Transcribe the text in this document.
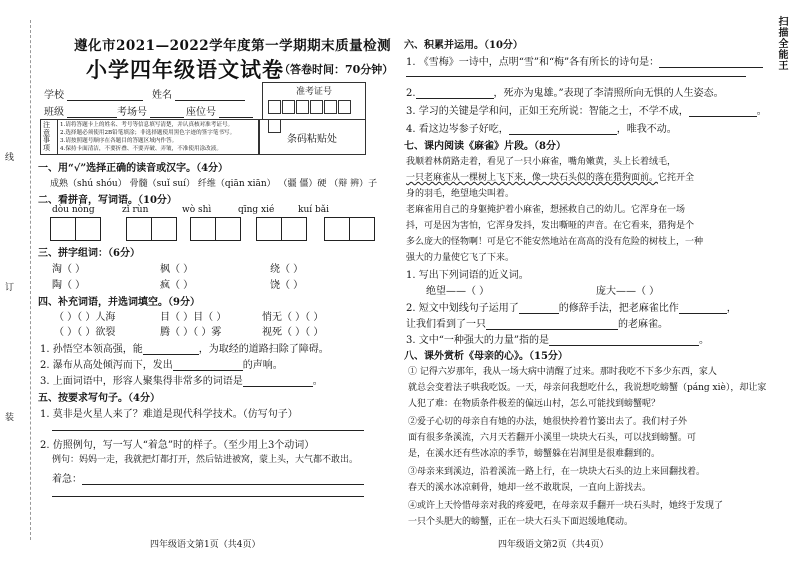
线
订
装
遵化市2021—2022学年度第一学期期末质量检测
小学四年级语文试卷
（答卷时间：70分钟）
学校	姓名
班级	考场号	座位号
准考证号
注意事项
1.请将答题卡上的姓名、考号等信息填写清楚，并认真核对准考证号。
2.选择题必须使用2B铅笔填涂；非选择题使用黑色字迹的签字笔书写。
3.请按照题号顺序在各题目的答题区域内作答。
4.保持卡面清洁，不要折叠、不要弄破、弄皱，不准使用涂改液。
条码粘贴处
一、用“√”选择正确的读音或汉字。（4分）
成熟（shú shóu） 骨髓（suǐ suí） 纤维（qiān xiān） （疆 僵）硬 （辩 辨）子
二、看拼音，写词语。（10分）
dòu nòng	zǐ rùn	wò shì	qīng xié	kuí bǎi

三、拼字组词：（6分）
淘（ ）	枫（ ）	绕（ ）
陶（ ）	疯（ ）	饶（ ）
四、补充词语，并选词填空。（9分）
（ ）（ ）人海	目（ ）目（ ）	悄无（ ）（ ）
（ ）（ ）欲裂	腾（ ）（ ）雾	视死（ ）（ ）
1. 孙悟空本领高强，能	，为取经的道路扫除了障碍。
2. 瀑布从高处倾泻而下，发出	的声响。
3. 上面词语中，形容人聚集得非常多的词语是	。
五、按要求写句子。（4分）
1. 莫非是火星人来了？难道是现代科学技术。（仿写句子）
2. 仿照例句，写一写人“着急”时的样子。（至少用上3个动词）
例句：妈妈一走，我就把灯都打开，然后钻进被窝，蒙上头，大气都不敢出。
着急：
四年级语文第1页（共4页）
六、积累并运用。（10分）
1. 《雪梅》一诗中，点明“雪”和“梅”各有所长的诗句是：
2.	，死亦为鬼雄。”表现了李清照所向无惧的人生姿态。
3. 学习的关键是学和问，正如王充所说：智能之士，不学不成，	。
4. 看这边岑参子好吃，	，唯我不动。
七、课内阅读《麻雀》片段。（8分）
我顺着林荫路走着，看见了一只小麻雀，嘴角嫩黄，头上长着绒毛，
一只老麻雀从一棵树上飞下来，像一块石头似的落在猎狗面前。它挓开全
身的羽毛，绝望地尖叫着。
老麻雀用自己的身躯掩护着小麻雀，想拯救自己的幼儿。它浑身在一场
抖，可是因为害怕，它浑身发抖，发出嘶哑的声音。在它看来，猎狗是个
多么庞大的怪物啊！可是它不能安然地站在高高的没有危险的树枝上，一种
强大的力量使它飞了下来。
1. 写出下列词语的近义词。
绝望——（ ）	庞大——（ ）
2. 短文中划线句子运用了	的修辞手法，把老麻雀比作	，
让我们看到了一只	的老麻雀。
3. 文中“一种强大的力量”指的是	。
八、课外赏析《母亲的心》。（15分）
① 记得六岁那年，我从一场大病中清醒了过来。那时我吃不下多少东西，家人
就总会变着法子哄我吃饭。一天，母亲问我想吃什么，我说想吃螃蟹（páng xiè），却让家
人犯了难：在物质条件极差的偏远山村，怎么可能找到螃蟹呢？
②爱子心切的母亲自有她的办法，她很快拎着竹篓出去了。我们村子外
面有很多条溪流，六月天若翻开小溪里一块块大石头，可以找到螃蟹。可
是，在溪水还有些冰凉的季节，螃蟹躲在岩洞里是很难翻到的。
③母亲来到溪边，沿着溪流一路上行，在一块块大石头的边上来回翻找着。
春天的溪水冰凉刺骨，她却一丝不敢耽误，一直向上游找去。
④或许上天怜惜母亲对我的疼爱吧，在母亲双手翻开一块石头时，她终于发现了
一只个头肥大的螃蟹，正在一块大石头下面迟缓地爬动。
四年级语文第2页（共4页）
扫描全能王
